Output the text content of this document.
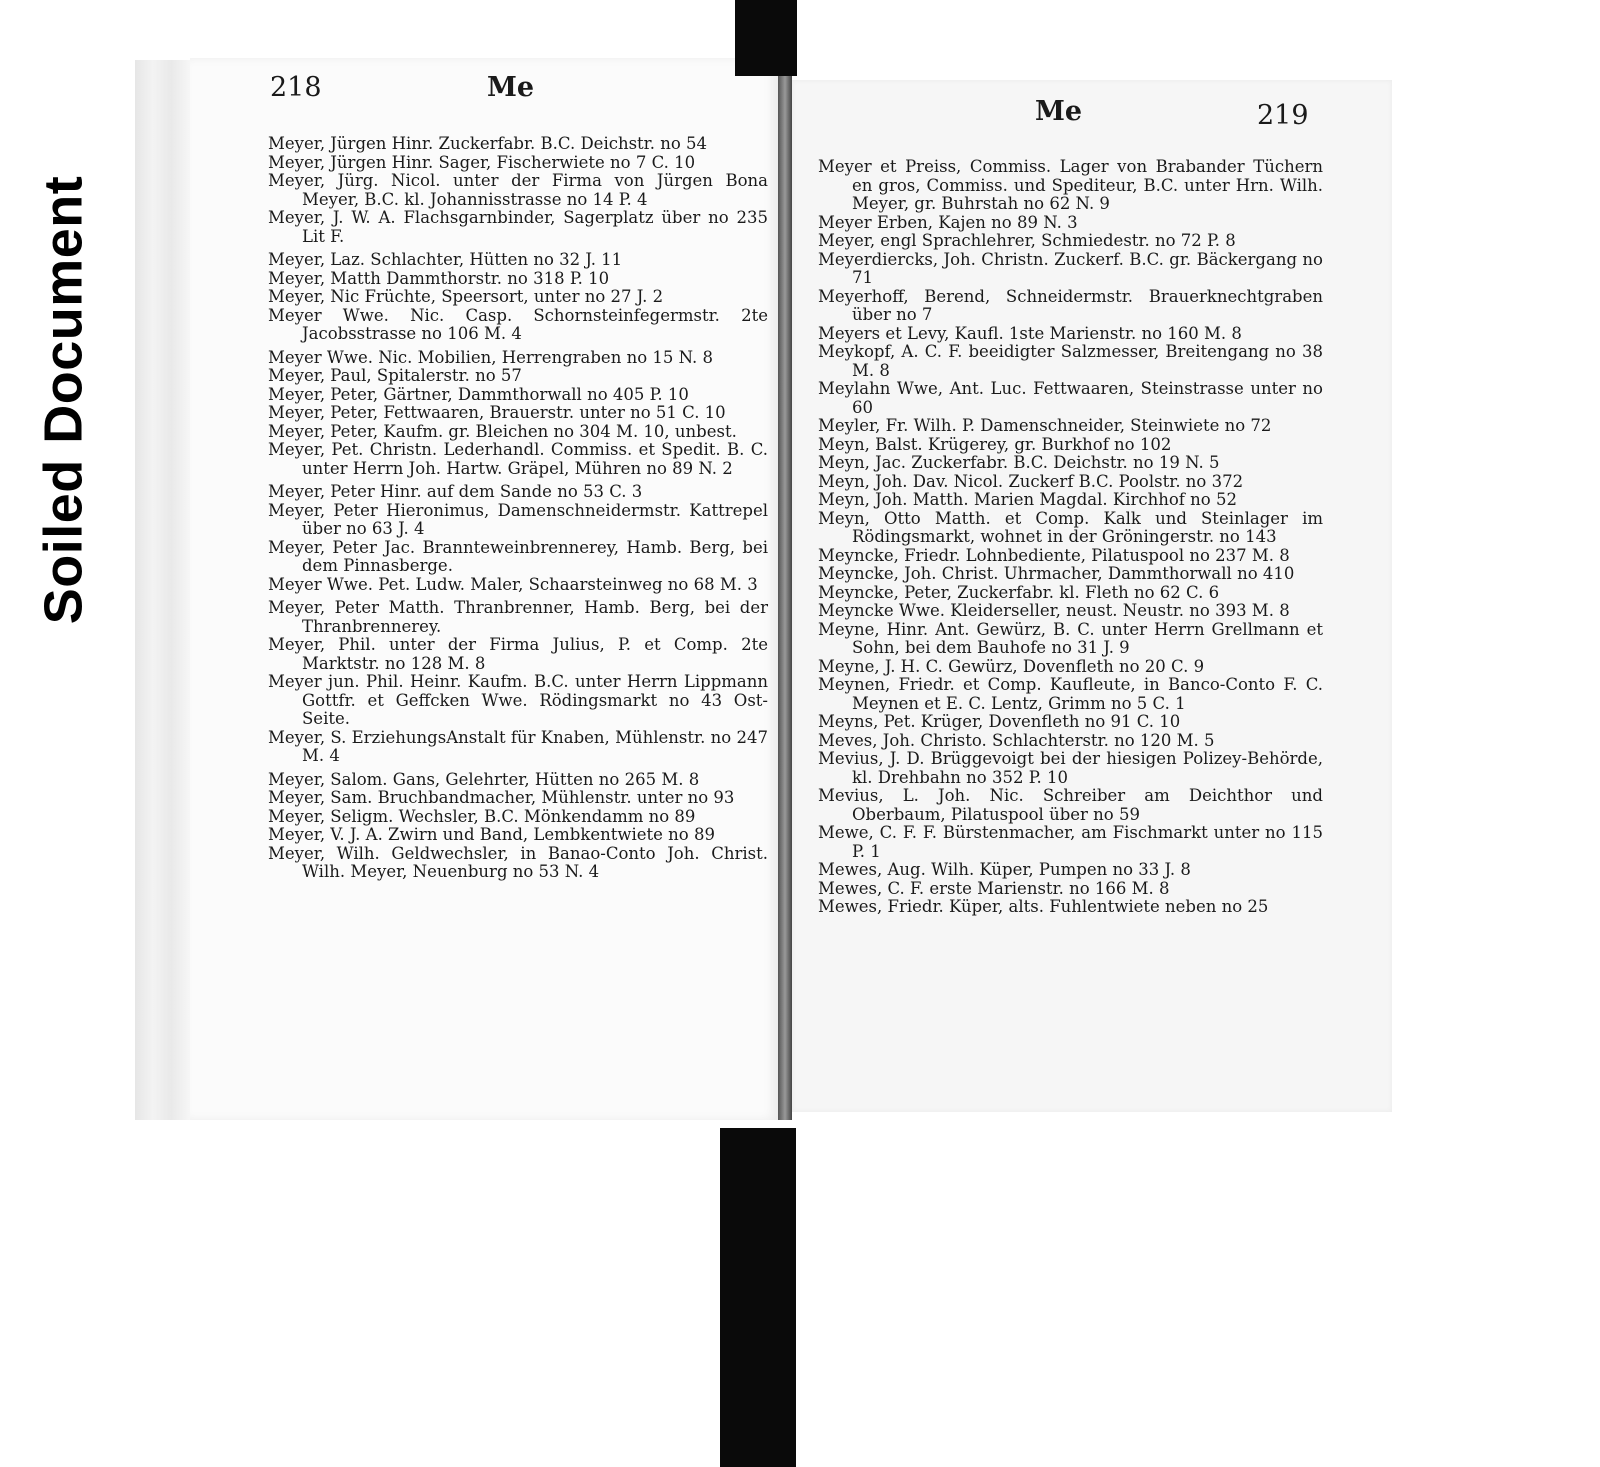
Soiled Document
218	Me
Me	219

Meyer, Jürgen Hinr. Zuckerfabr. B.C. Deichstr. no 54

Meyer, Jürgen Hinr. Sager, Fischerwiete no 7 C. 10

Meyer, Jürg. Nicol. unter der Firma von Jürgen Bona Meyer, B.C. kl. Johannisstrasse no 14 P. 4

Meyer, J. W. A. Flachsgarnbinder, Sagerplatz über no 235 Lit F.

Meyer, Laz. Schlachter, Hütten no 32 J. 11

Meyer, Matth Dammthorstr. no 318 P. 10

Meyer, Nic Früchte, Speersort, unter no 27 J. 2

Meyer Wwe. Nic. Casp. Schornsteinfegermstr. 2te Jacobsstrasse no 106 M. 4

Meyer Wwe. Nic. Mobilien, Herrengraben no 15 N. 8

Meyer, Paul, Spitalerstr. no 57

Meyer, Peter, Gärtner, Dammthorwall no 405 P. 10

Meyer, Peter, Fettwaaren, Brauerstr. unter no 51 C. 10

Meyer, Peter, Kaufm. gr. Bleichen no 304 M. 10, unbest.

Meyer, Pet. Christn. Lederhandl. Commiss. et Spedit. B. C. unter Herrn Joh. Hartw. Gräpel, Mühren no 89 N. 2

Meyer, Peter Hinr. auf dem Sande no 53 C. 3

Meyer, Peter Hieronimus, Damenschneidermstr. Kattrepel über no 63 J. 4

Meyer, Peter Jac. Brannteweinbrennerey, Hamb. Berg, bei dem Pinnasberge.

Meyer Wwe. Pet. Ludw. Maler, Schaarsteinweg no 68 M. 3

Meyer, Peter Matth. Thranbrenner, Hamb. Berg, bei der Thranbrennerey.

Meyer, Phil. unter der Firma Julius, P. et Comp. 2te Marktstr. no 128 M. 8

Meyer jun. Phil. Heinr. Kaufm. B.C. unter Herrn Lippmann Gottfr. et Geffcken Wwe. Rödingsmarkt no 43 Ost-Seite.

Meyer, S. ErziehungsAnstalt für Knaben, Mühlenstr. no 247 M. 4

Meyer, Salom. Gans, Gelehrter, Hütten no 265 M. 8

Meyer, Sam. Bruchbandmacher, Mühlenstr. unter no 93

Meyer, Seligm. Wechsler, B.C. Mönkendamm no 89

Meyer, V. J. A. Zwirn und Band, Lembkentwiete no 89

Meyer, Wilh. Geldwechsler, in Banao-Conto Joh. Christ. Wilh. Meyer, Neuenburg no 53 N. 4

Meyer et Preiss, Commiss. Lager von Brabander Tüchern en gros, Commiss. und Spediteur, B.C. unter Hrn. Wilh. Meyer, gr. Buhrstah no 62 N. 9

Meyer Erben, Kajen no 89 N. 3

Meyer, engl Sprachlehrer, Schmiedestr. no 72 P. 8

Meyerdiercks, Joh. Christn. Zuckerf. B.C. gr. Bäckergang no 71

Meyerhoff, Berend, Schneidermstr. Brauerknechtgraben über no 7

Meyers et Levy, Kaufl. 1ste Marienstr. no 160 M. 8

Meykopf, A. C. F. beeidigter Salzmesser, Breitengang no 38 M. 8

Meylahn Wwe, Ant. Luc. Fettwaaren, Steinstrasse unter no 60

Meyler, Fr. Wilh. P. Damenschneider, Steinwiete no 72

Meyn, Balst. Krügerey, gr. Burkhof no 102

Meyn, Jac. Zuckerfabr. B.C. Deichstr. no 19 N. 5

Meyn, Joh. Dav. Nicol. Zuckerf B.C. Poolstr. no 372

Meyn, Joh. Matth. Marien Magdal. Kirchhof no 52

Meyn, Otto Matth. et Comp. Kalk und Steinlager im Rödingsmarkt, wohnet in der Gröningerstr. no 143

Meyncke, Friedr. Lohnbediente, Pilatuspool no 237 M. 8

Meyncke, Joh. Christ. Uhrmacher, Dammthorwall no 410

Meyncke, Peter, Zuckerfabr. kl. Fleth no 62 C. 6

Meyncke Wwe. Kleiderseller, neust. Neustr. no 393 M. 8

Meyne, Hinr. Ant. Gewürz, B. C. unter Herrn Grellmann et Sohn, bei dem Bauhofe no 31 J. 9

Meyne, J. H. C. Gewürz, Dovenfleth no 20 C. 9

Meynen, Friedr. et Comp. Kaufleute, in Banco-Conto F. C. Meynen et E. C. Lentz, Grimm no 5 C. 1

Meyns, Pet. Krüger, Dovenfleth no 91 C. 10

Meves, Joh. Christo. Schlachterstr. no 120 M. 5

Mevius, J. D. Brüggevoigt bei der hiesigen Polizey-Behörde, kl. Drehbahn no 352 P. 10

Mevius, L. Joh. Nic. Schreiber am Deichthor und Oberbaum, Pilatuspool über no 59

Mewe, C. F. F. Bürstenmacher, am Fischmarkt unter no 115 P. 1

Mewes, Aug. Wilh. Küper, Pumpen no 33 J. 8

Mewes, C. F. erste Marienstr. no 166 M. 8

Mewes, Friedr. Küper, alts. Fuhlentwiete neben no 25
